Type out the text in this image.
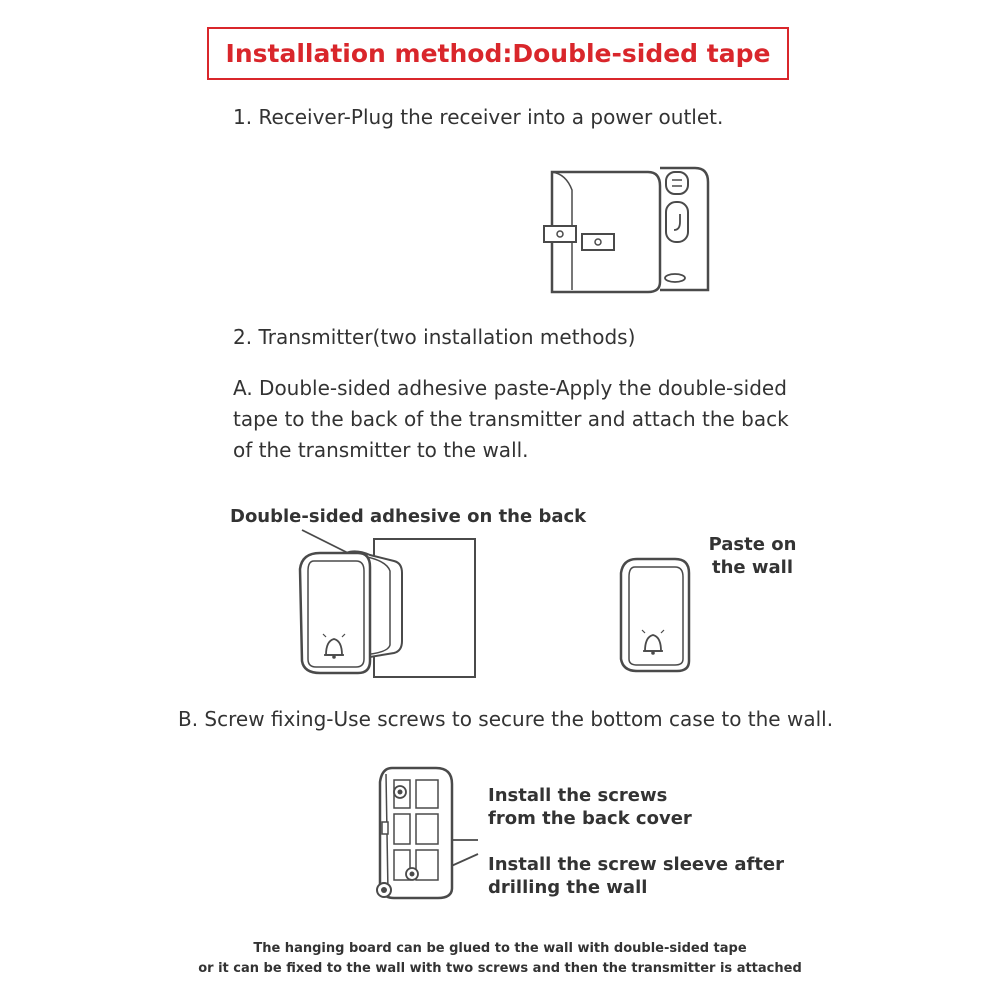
Installation method:Double-sided tape
1. Receiver-Plug the receiver into a power outlet.
2. Transmitter(two installation methods)
A. Double-sided adhesive paste-Apply the double-sided
tape to the back of the transmitter and attach the back
of the transmitter to the wall.
Double-sided adhesive on the back
Paste on
the wall
B. Screw fixing-Use screws to secure the bottom case to the wall.
Install the screws
from the back cover
Install the screw sleeve after
drilling the wall
The hanging board can be glued to the wall with double-sided tape
or it can be fixed to the wall with two screws and then the transmitter is attached
